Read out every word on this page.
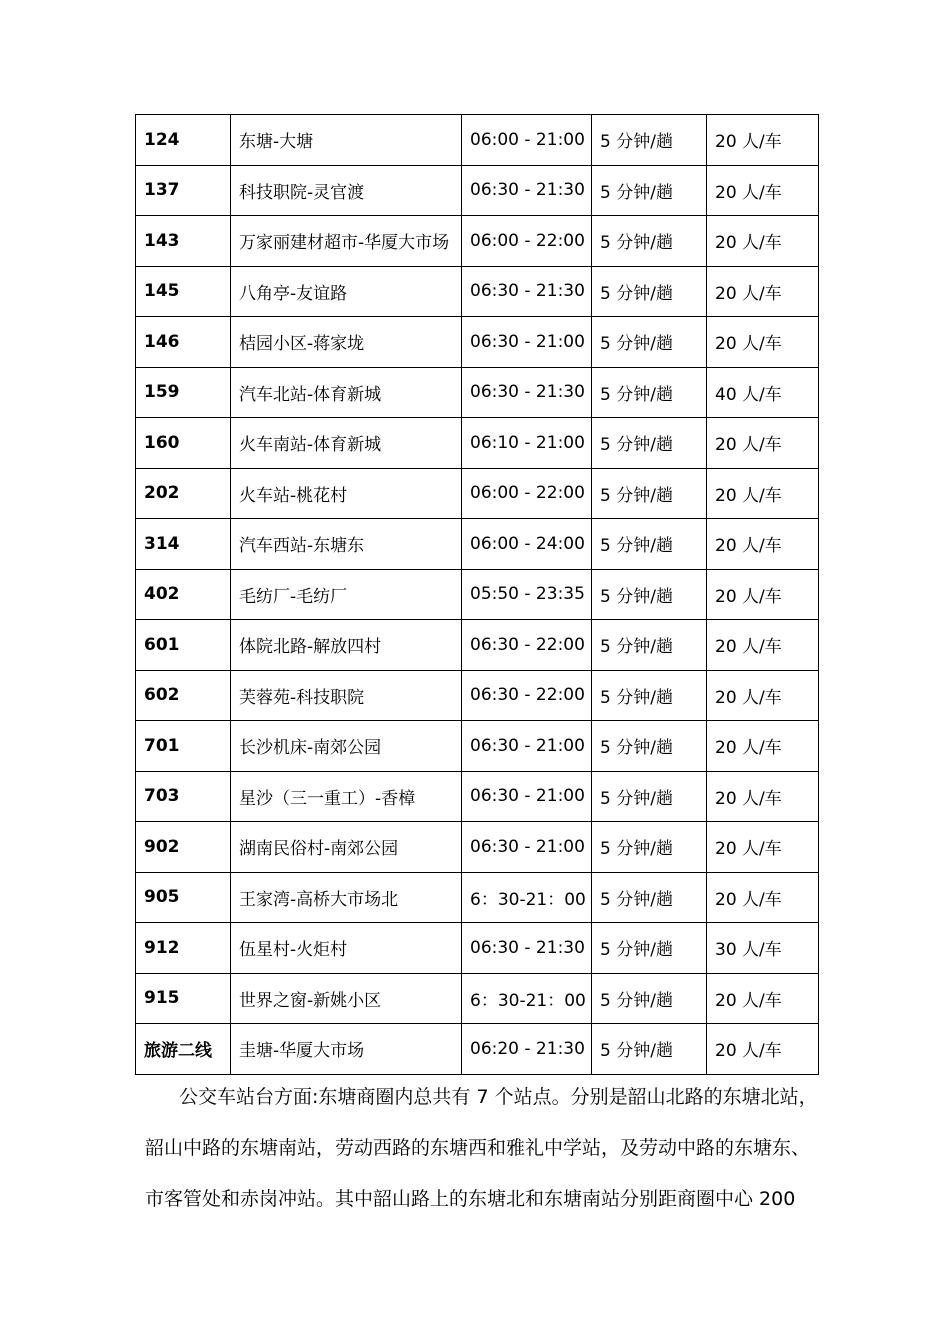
124	东塘-大塘	06:00 - 21:00	5 分钟/趟	20 人/车
137	科技职院-灵官渡	06:30 - 21:30	5 分钟/趟	20 人/车
143	万家丽建材超市-华厦大市场	06:00 - 22:00	5 分钟/趟	20 人/车
145	八角亭-友谊路	06:30 - 21:30	5 分钟/趟	20 人/车
146	桔园小区-蒋家垅	06:30 - 21:00	5 分钟/趟	20 人/车
159	汽车北站-体育新城	06:30 - 21:30	5 分钟/趟	40 人/车
160	火车南站-体育新城	06:10 - 21:00	5 分钟/趟	20 人/车
202	火车站-桃花村	06:00 - 22:00	5 分钟/趟	20 人/车
314	汽车西站-东塘东	06:00 - 24:00	5 分钟/趟	20 人/车
402	毛纺厂-毛纺厂	05:50 - 23:35	5 分钟/趟	20 人/车
601	体院北路-解放四村	06:30 - 22:00	5 分钟/趟	20 人/车
602	芙蓉苑-科技职院	06:30 - 22:00	5 分钟/趟	20 人/车
701	长沙机床-南郊公园	06:30 - 21:00	5 分钟/趟	20 人/车
703	星沙（三一重工）-香樟	06:30 - 21:00	5 分钟/趟	20 人/车
902	湖南民俗村-南郊公园	06:30 - 21:00	5 分钟/趟	20 人/车
905	王家湾-高桥大市场北	6：30-21：00	5 分钟/趟	20 人/车
912	伍星村-火炬村	06:30 - 21:30	5 分钟/趟	30 人/车
915	世界之窗-新姚小区	6：30-21：00	5 分钟/趟	20 人/车
旅游二线	圭塘-华厦大市场	06:20 - 21:30	5 分钟/趟	20 人/车
公交车站台方面:东塘商圈内总共有 7 个站点。分别是韶山北路的东塘北站，
韶山中路的东塘南站，劳动西路的东塘西和雅礼中学站，及劳动中路的东塘东、
市客管处和赤岗冲站。其中韶山路上的东塘北和东塘南站分别距商圈中心 200
